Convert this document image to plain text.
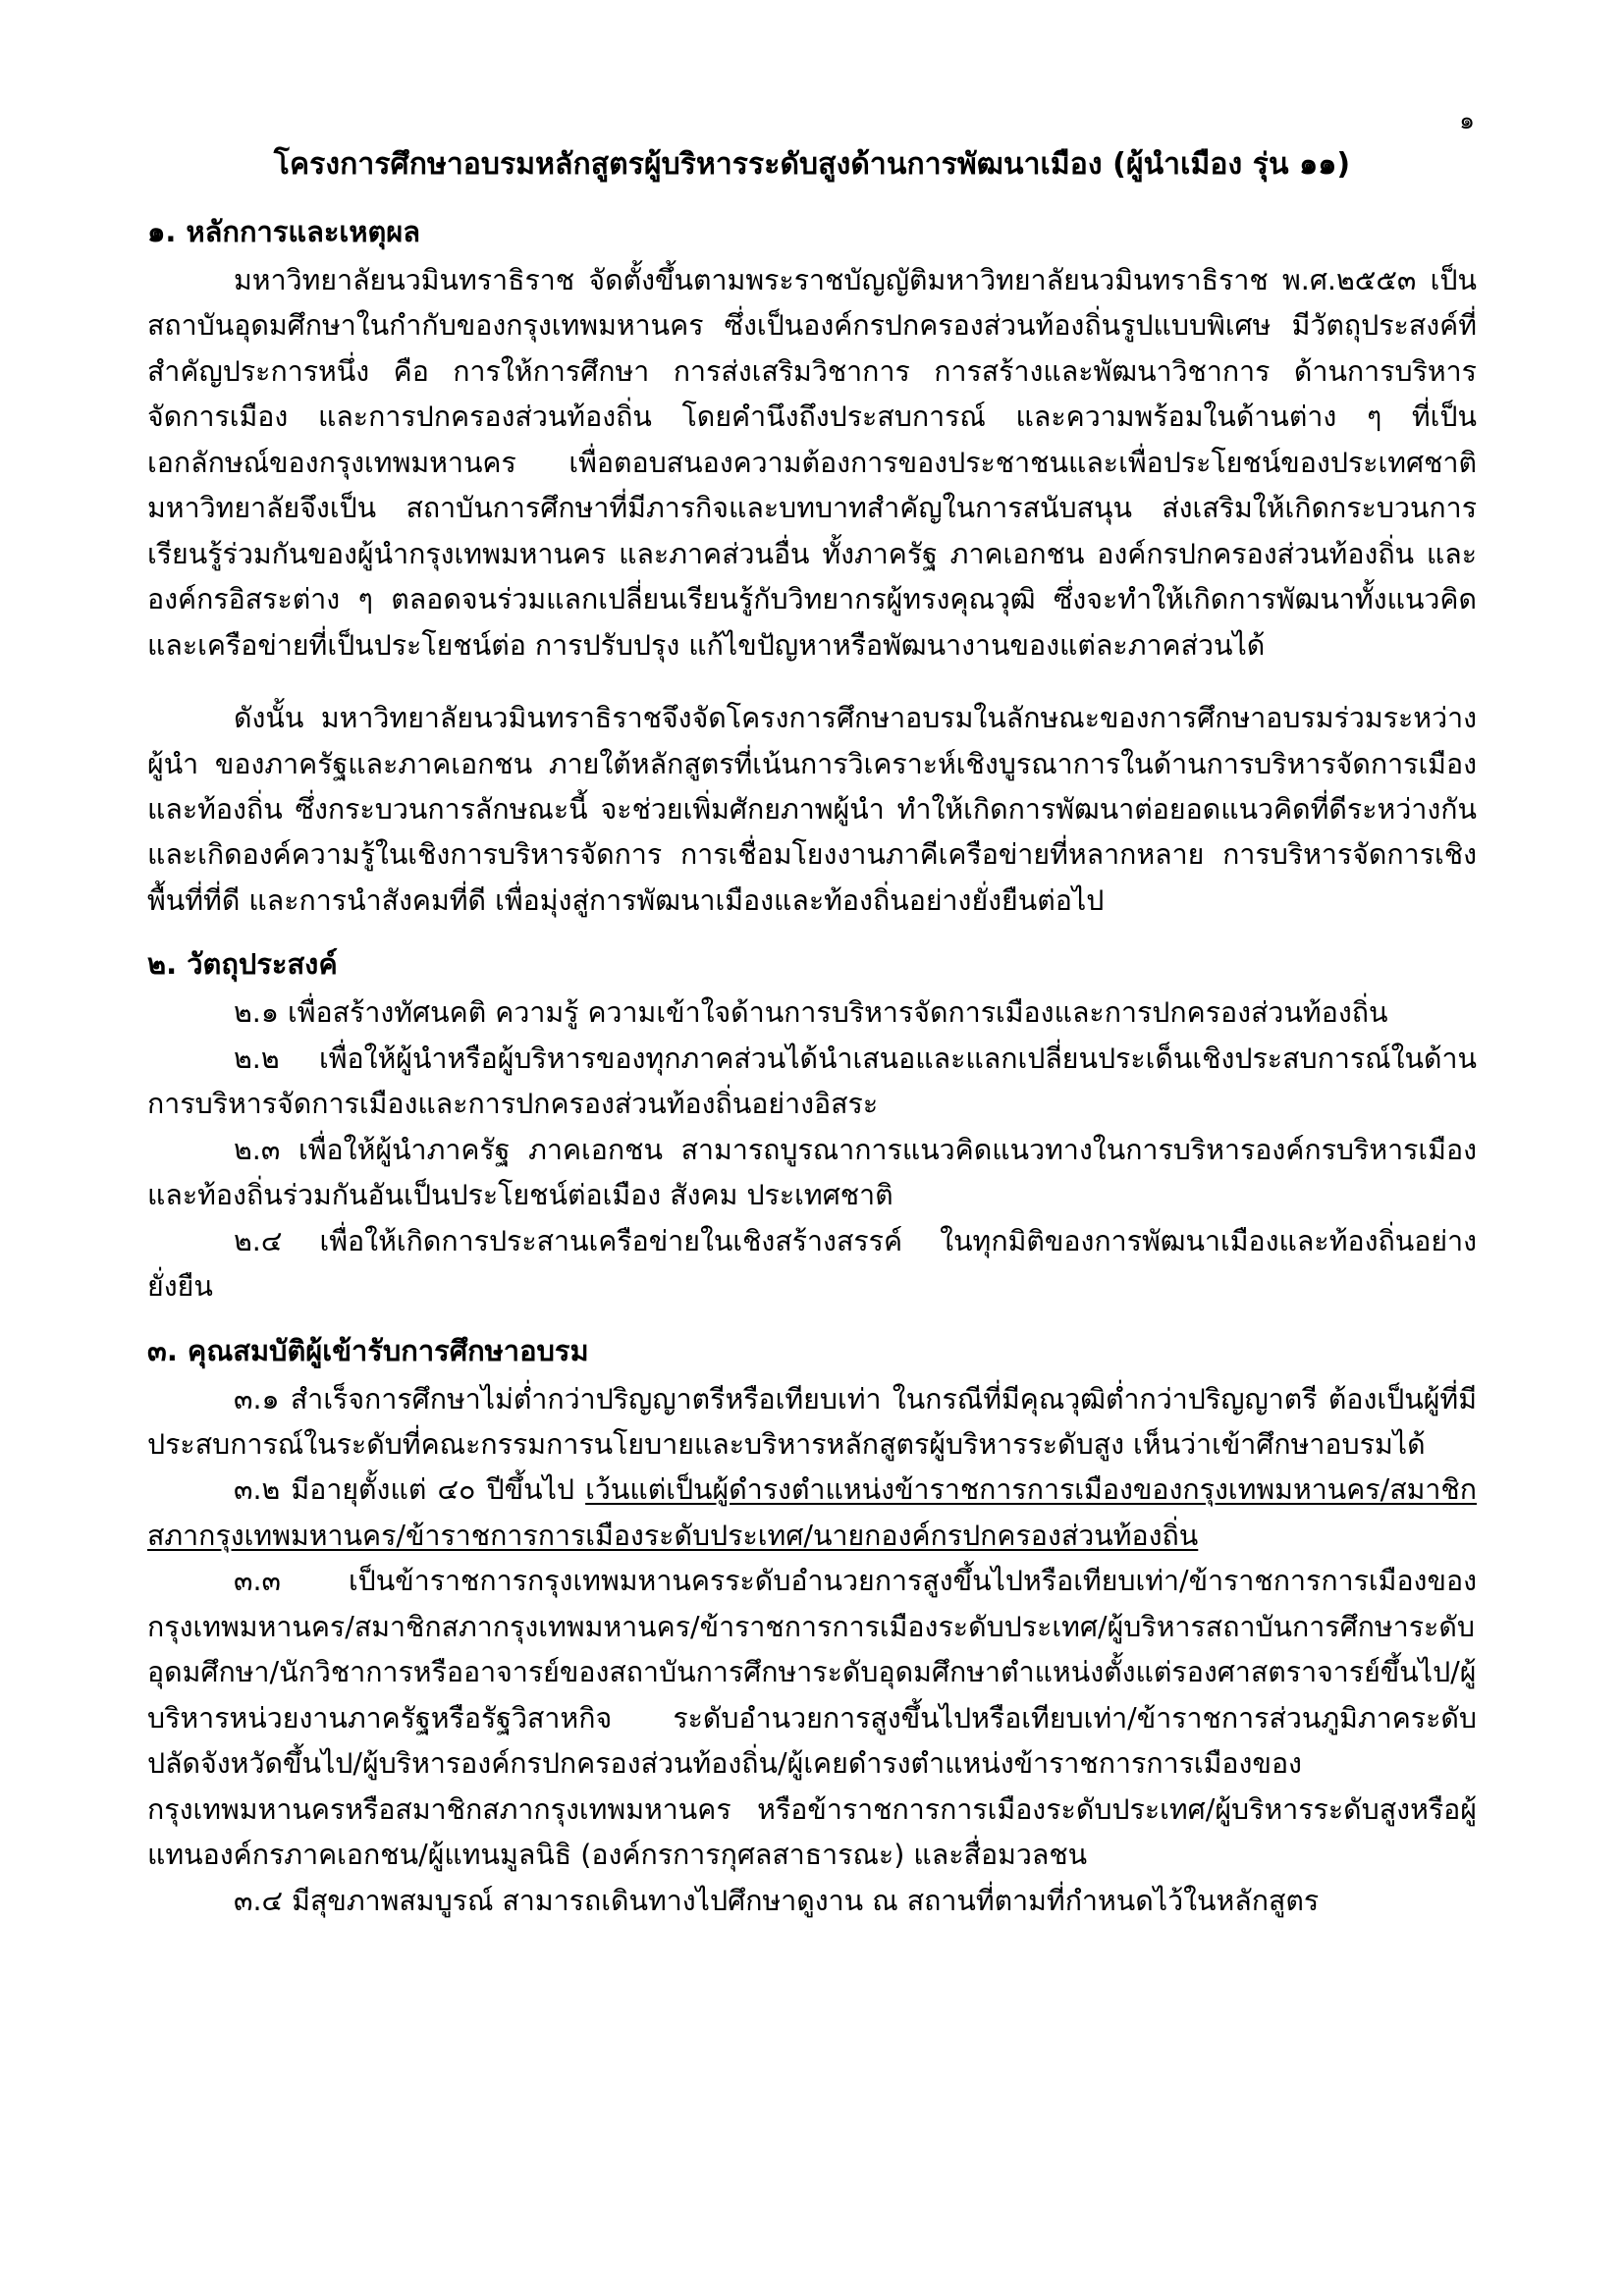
๑
โครงการศึกษาอบรมหลักสูตรผู้บริหารระดับสูงด้านการพัฒนาเมือง (ผู้นำเมือง รุ่น ๑๑)
๑. หลักการและเหตุผล

มหาวิทยาลัยนวมินทราธิราช จัดตั้งขึ้นตามพระราชบัญญัติมหาวิทยาลัยนวมินทราธิราช พ.ศ.๒๕๕๓ เป็นสถาบันอุดมศึกษาในกำกับของกรุงเทพมหานคร ซึ่งเป็นองค์กรปกครองส่วนท้องถิ่นรูปแบบพิเศษ มีวัตถุประสงค์ที่สำคัญประการหนึ่ง คือ การให้การศึกษา การส่งเสริมวิชาการ การสร้างและพัฒนาวิชาการ ด้านการบริหารจัดการเมือง และการปกครองส่วนท้องถิ่น โดยคำนึงถึงประสบการณ์ และความพร้อมในด้านต่าง ๆ ที่เป็นเอกลักษณ์ของกรุงเทพมหานคร เพื่อตอบสนองความต้องการของประชาชนและเพื่อประโยชน์ของประเทศชาติ มหาวิทยาลัยจึงเป็น สถาบันการศึกษาที่มีภารกิจและบทบาทสำคัญในการสนับสนุน ส่งเสริมให้เกิดกระบวนการเรียนรู้ร่วมกันของผู้นำกรุงเทพมหานคร และภาคส่วนอื่น ทั้งภาครัฐ ภาคเอกชน องค์กรปกครองส่วนท้องถิ่น และองค์กรอิสระต่าง ๆ ตลอดจนร่วมแลกเปลี่ยนเรียนรู้กับวิทยากรผู้ทรงคุณวุฒิ ซึ่งจะทำให้เกิดการพัฒนาทั้งแนวคิดและเครือข่ายที่เป็นประโยชน์ต่อ การปรับปรุง แก้ไขปัญหาหรือพัฒนางานของแต่ละภาคส่วนได้

ดังนั้น มหาวิทยาลัยนวมินทราธิราชจึงจัดโครงการศึกษาอบรมในลักษณะของการศึกษาอบรมร่วมระหว่างผู้นำ ของภาครัฐและภาคเอกชน ภายใต้หลักสูตรที่เน้นการวิเคราะห์เชิงบูรณาการในด้านการบริหารจัดการเมืองและท้องถิ่น ซึ่งกระบวนการลักษณะนี้ จะช่วยเพิ่มศักยภาพผู้นำ ทำให้เกิดการพัฒนาต่อยอดแนวคิดที่ดีระหว่างกัน และเกิดองค์ความรู้ในเชิงการบริหารจัดการ การเชื่อมโยงงานภาคีเครือข่ายที่หลากหลาย การบริหารจัดการเชิงพื้นที่ที่ดี และการนำสังคมที่ดี เพื่อมุ่งสู่การพัฒนาเมืองและท้องถิ่นอย่างยั่งยืนต่อไป

๒. วัตถุประสงค์

๒.๑ เพื่อสร้างทัศนคติ ความรู้ ความเข้าใจด้านการบริหารจัดการเมืองและการปกครองส่วนท้องถิ่น

๒.๒ เพื่อให้ผู้นำหรือผู้บริหารของทุกภาคส่วนได้นำเสนอและแลกเปลี่ยนประเด็นเชิงประสบการณ์ในด้านการบริหารจัดการเมืองและการปกครองส่วนท้องถิ่นอย่างอิสระ

๒.๓ เพื่อให้ผู้นำภาครัฐ ภาคเอกชน สามารถบูรณาการแนวคิดแนวทางในการบริหารองค์กรบริหารเมืองและท้องถิ่นร่วมกันอันเป็นประโยชน์ต่อเมือง สังคม ประเทศชาติ

๒.๔ เพื่อให้เกิดการประสานเครือข่ายในเชิงสร้างสรรค์ ในทุกมิติของการพัฒนาเมืองและท้องถิ่นอย่างยั่งยืน

๓. คุณสมบัติผู้เข้ารับการศึกษาอบรม

๓.๑ สำเร็จการศึกษาไม่ต่ำกว่าปริญญาตรีหรือเทียบเท่า ในกรณีที่มีคุณวุฒิต่ำกว่าปริญญาตรี ต้องเป็นผู้ที่มีประสบการณ์ในระดับที่คณะกรรมการนโยบายและบริหารหลักสูตรผู้บริหารระดับสูง เห็นว่าเข้าศึกษาอบรมได้

๓.๒ มีอายุตั้งแต่ ๔๐ ปีขึ้นไป เว้นแต่เป็นผู้ดำรงตำแหน่งข้าราชการการเมืองของกรุงเทพมหานคร/สมาชิกสภากรุงเทพมหานคร/ข้าราชการการเมืองระดับประเทศ/นายกองค์กรปกครองส่วนท้องถิ่น

๓.๓ เป็นข้าราชการกรุงเทพมหานครระดับอำนวยการสูงขึ้นไปหรือเทียบเท่า/ข้าราชการการเมืองของกรุงเทพมหานคร/สมาชิกสภากรุงเทพมหานคร/ข้าราชการการเมืองระดับประเทศ/ผู้บริหารสถาบันการศึกษาระดับอุดมศึกษา/นักวิชาการหรืออาจารย์ของสถาบันการศึกษาระดับอุดมศึกษาตำแหน่งตั้งแต่รองศาสตราจารย์ขึ้นไป/ผู้บริหารหน่วยงานภาครัฐหรือรัฐวิสาหกิจ ระดับอำนวยการสูงขึ้นไปหรือเทียบเท่า/ข้าราชการส่วนภูมิภาคระดับปลัดจังหวัดขึ้นไป/ผู้บริหารองค์กรปกครองส่วนท้องถิ่น/ผู้เคยดำรงตำแหน่งข้าราชการการเมืองของกรุงเทพมหานครหรือสมาชิกสภากรุงเทพมหานคร หรือข้าราชการการเมืองระดับประเทศ/ผู้บริหารระดับสูงหรือผู้แทนองค์กรภาคเอกชน/ผู้แทนมูลนิธิ (องค์กรการกุศลสาธารณะ) และสื่อมวลชน

๓.๔ มีสุขภาพสมบูรณ์ สามารถเดินทางไปศึกษาดูงาน ณ สถานที่ตามที่กำหนดไว้ในหลักสูตร
